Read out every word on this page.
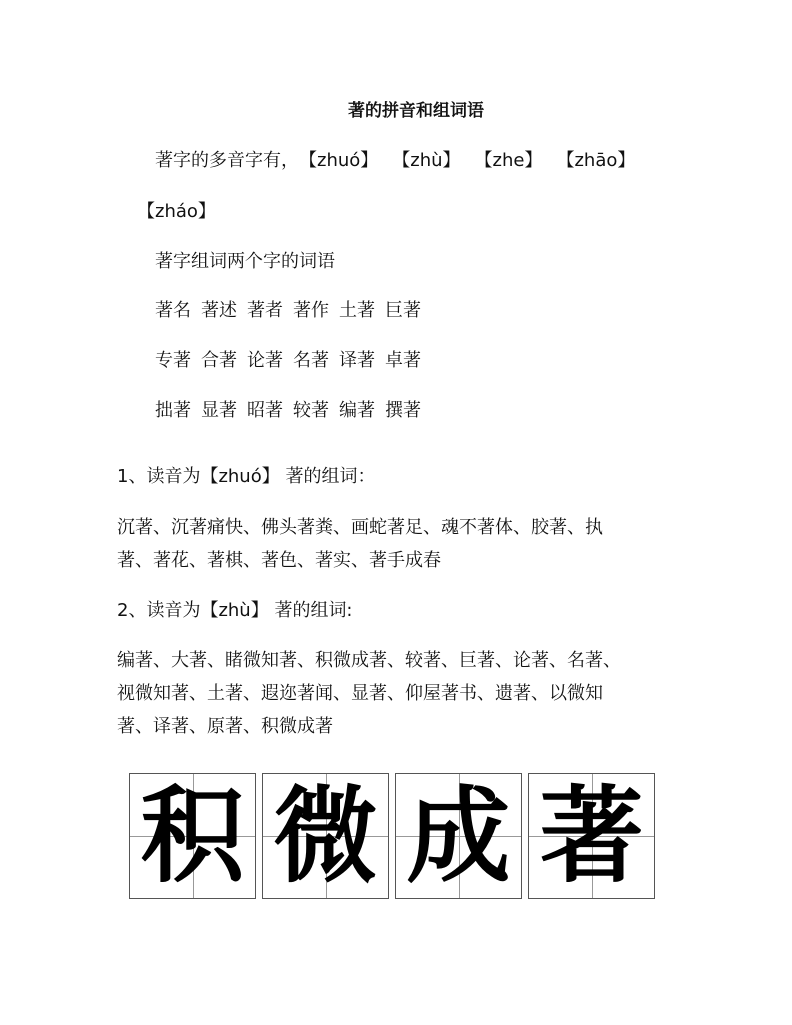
著的拼音和组词语
著字的多音字有，【zhuó】 【zhù】 【zhe】 【zhāo】
【zháo】
著字组词两个字的词语
著名 著述 著者 著作 土著 巨著
专著 合著 论著 名著 译著 卓著
拙著 显著 昭著 较著 编著 撰著
1、读音为【zhuó】 著的组词：
沉著、沉著痛快、佛头著粪、画蛇著足、魂不著体、胶著、执
著、著花、著棋、著色、著实、著手成春
2、读音为【zhù】 著的组词:
编著、大著、睹微知著、积微成著、较著、巨著、论著、名著、
视微知著、土著、遐迩著闻、显著、仰屋著书、遗著、以微知
著、译著、原著、积微成著
积 微 成 著
